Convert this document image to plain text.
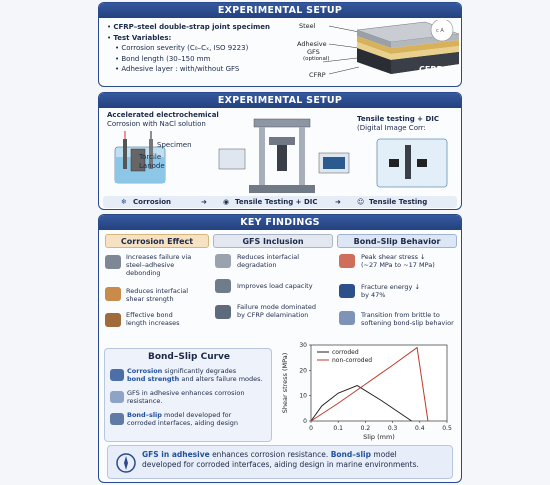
EXPERIMENTAL SETUP
• CFRP–steel double-strap joint specimen
• Test Variables:
• Corrosion severity (C₀–Cₓ, ISO 9223)
• Bond length (30–150 mm
• Adhesive layer : with/without GFS
Steel
Adhesive
GFS
(optional)
CFRP
c A
CFRP
EXPERIMENTAL SETUP
Accelerated electrochemical
Corrosion with NaCl solution
Specimen
Torcile
Lanode
Tensile testing + DIC
(Digital Image Corr:
❄ Corrosion	➜ ◉ Tensile Testing + DIC ➜ ☺ Tensile Testing
KEY FINDINGS
Corrosion Effect	GFS Inclusion	Bond–Slip Behavior
Increases failure via
steel–adhesive
debonding
Reduces interfacial
shear strength
Effective bond
length increases
Reduces interfacial
degradation
Improves load capacity
Failure mode dominated
by CFRP delamination
Peak shear stress ↓
(~27 MPa to ~17 MPa)
Fracture energy ↓
by 47%
Transition from brittle to
softening bond-slip behavior
Bond–Slip Curve
Corrosion significantly degrades
bond strength and alters failure modes.
GFS in adhesive enhances corrosion
resistance.
Bond–slip model developed for
corroded interfaces, aiding design
0	0.1	0.2	0.3	0.4	0.5
0
10
20
30
Slip (mm)
Shear stress (MPa)
corroded
non-corroded
GFS in adhesive enhances corrosion resistance. Bond–slip model
developed for corroded interfaces, aiding design in marine environments.
